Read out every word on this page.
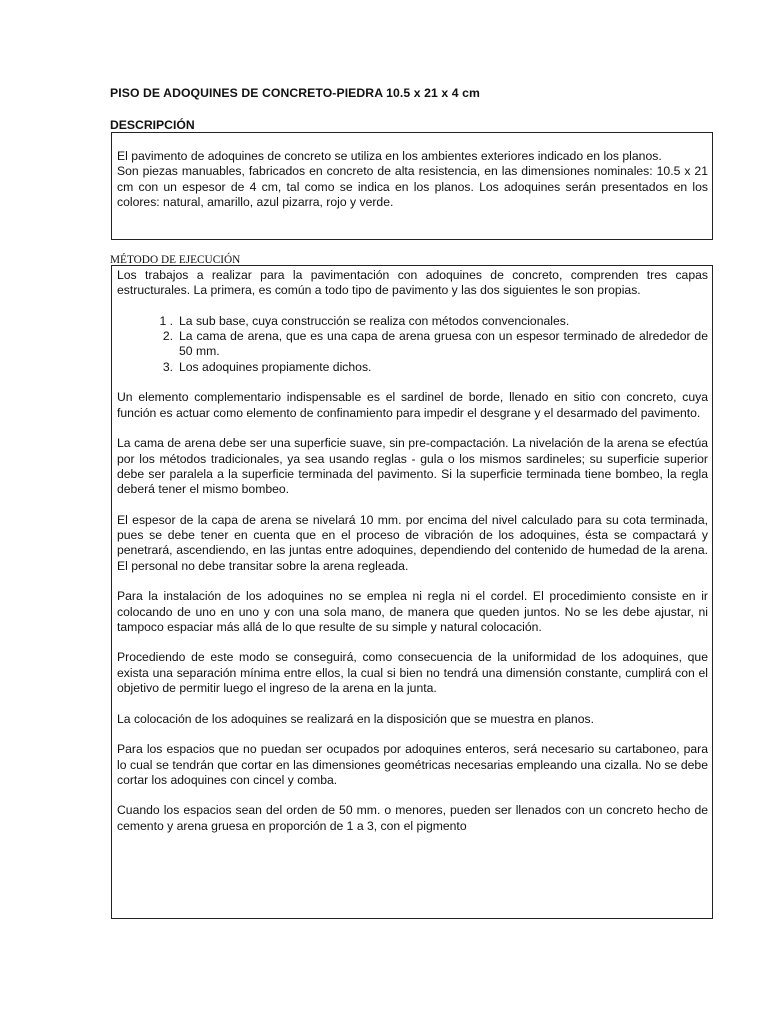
PISO DE ADOQUINES DE CONCRETO-PIEDRA 10.5 x 21 x 4 cm
DESCRIPCIÓN

El pavimento de adoquines de concreto se utiliza en los ambientes exteriores indicado en los planos.

Son piezas manuables, fabricados en concreto de alta resistencia, en las dimensiones nominales: 10.5 x 21 cm con un espesor de 4 cm, tal como se indica en los planos. Los adoquines serán presentados en los colores: natural, amarillo, azul pizarra, rojo y verde.

MÉTODO DE EJECUCIÓN

Los trabajos a realizar para la pavimentación con adoquines de concreto, comprenden tres capas estructurales. La primera, es común a todo tipo de pavimento y las dos siguientes le son propias.

1 . La sub base, cuya construcción se realiza con métodos convencionales.
2. La cama de arena, que es una capa de arena gruesa con un espesor terminado de alrededor de 50 mm.
3. Los adoquines propiamente dichos.

Un elemento complementario indispensable es el sardinel de borde, llenado en sitio con concreto, cuya función es actuar como elemento de confinamiento para impedir el desgrane y el desarmado del pavimento.

La cama de arena debe ser una superficie suave, sin pre-compactación. La nivelación de la arena se efectúa por los métodos tradicionales, ya sea usando reglas - gula o los mismos sardineles; su superficie superior debe ser paralela a la superficie terminada del pavimento. Si la superficie terminada tiene bombeo, la regla deberá tener el mismo bombeo.

El espesor de la capa de arena se nivelará 10 mm. por encima del nivel calculado para su cota terminada, pues se debe tener en cuenta que en el proceso de vibración de los adoquines, ésta se compactará y penetrará, ascendiendo, en las juntas entre adoquines, dependiendo del contenido de humedad de la arena. El personal no debe transitar sobre la arena regleada.

Para la instalación de los adoquines no se emplea ni regla ni el cordel. El procedimiento consiste en ir colocando de uno en uno y con una sola mano, de manera que queden juntos. No se les debe ajustar, ni tampoco espaciar más allá de lo que resulte de su simple y natural colocación.

Procediendo de este modo se conseguirá, como consecuencia de la uniformidad de los adoquines, que exista una separación mínima entre ellos, la cual si bien no tendrá una dimensión constante, cumplirá con el objetivo de permitir luego el ingreso de la arena en la junta.

La colocación de los adoquines se realizará en la disposición que se muestra en planos.

Para los espacios que no puedan ser ocupados por adoquines enteros, será necesario su cartaboneo, para lo cual se tendrán que cortar en las dimensiones geométricas necesarias empleando una cizalla. No se debe cortar los adoquines con cincel y comba.

Cuando los espacios sean del orden de 50 mm. o menores, pueden ser llenados con un concreto hecho de cemento y arena gruesa en proporción de 1 a 3, con el pigmento
